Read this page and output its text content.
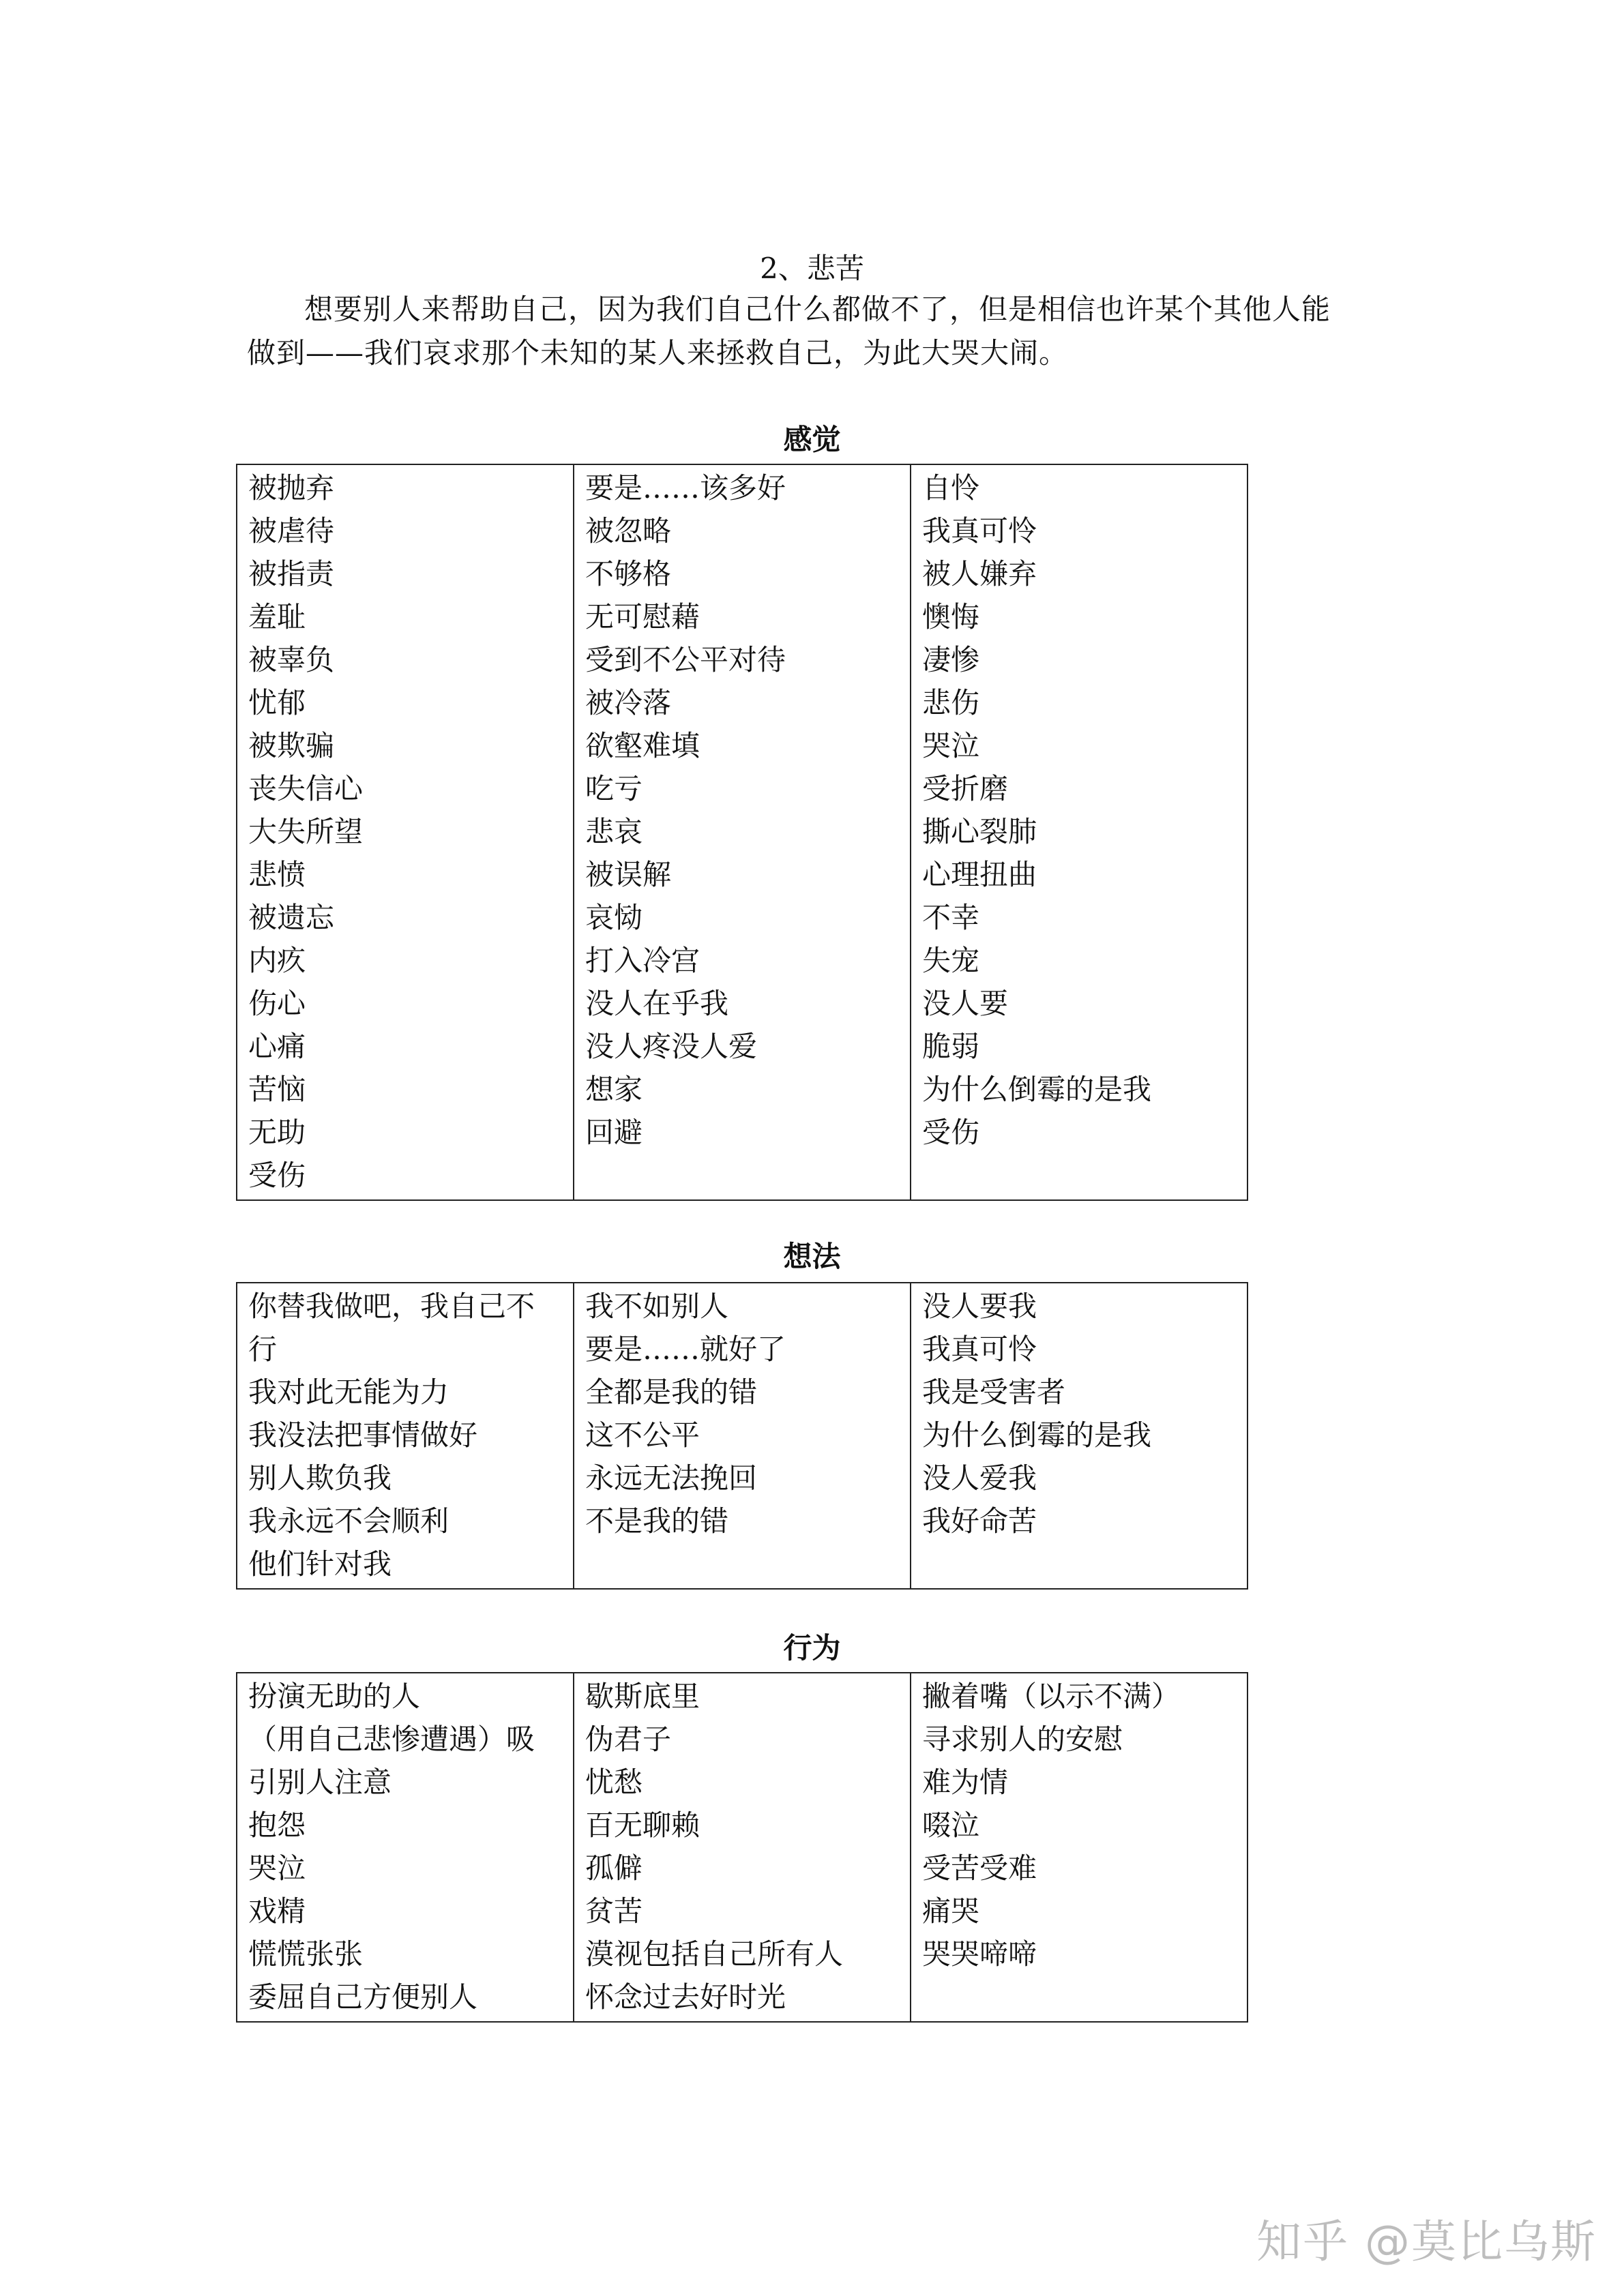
2、悲苦

想要别人来帮助自己，因为我们自己什么都做不了，但是相信也许某个其他人能

做到——我们哀求那个未知的某人来拯救自己，为此大哭大闹。

感觉
被抛弃
被虐待
被指责
羞耻
被辜负
忧郁
被欺骗
丧失信心
大失所望
悲愤
被遗忘
内疚
伤心
心痛
苦恼
无助
受伤

要是……该多好
被忽略
不够格
无可慰藉
受到不公平对待
被冷落
欲壑难填
吃亏
悲哀
被误解
哀恸
打入冷宫
没人在乎我
没人疼没人爱
想家
回避

自怜
我真可怜
被人嫌弃
懊悔
凄惨
悲伤
哭泣
受折磨
撕心裂肺
心理扭曲
不幸
失宠
没人要
脆弱
为什么倒霉的是我
受伤
想法
你替我做吧，我自己不
行
我对此无能为力
我没法把事情做好
别人欺负我
我永远不会顺利
他们针对我

我不如别人
要是……就好了
全都是我的错
这不公平
永远无法挽回
不是我的错

没人要我
我真可怜
我是受害者
为什么倒霉的是我
没人爱我
我好命苦
行为
扮演无助的人
（用自己悲惨遭遇）吸
引别人注意
抱怨
哭泣
戏精
慌慌张张
委屈自己方便别人

歇斯底里
伪君子
忧愁
百无聊赖
孤僻
贫苦
漠视包括自己所有人
怀念过去好时光

撇着嘴（以示不满）
寻求别人的安慰
难为情
啜泣
受苦受难
痛哭
哭哭啼啼
知乎 @莫比乌斯
